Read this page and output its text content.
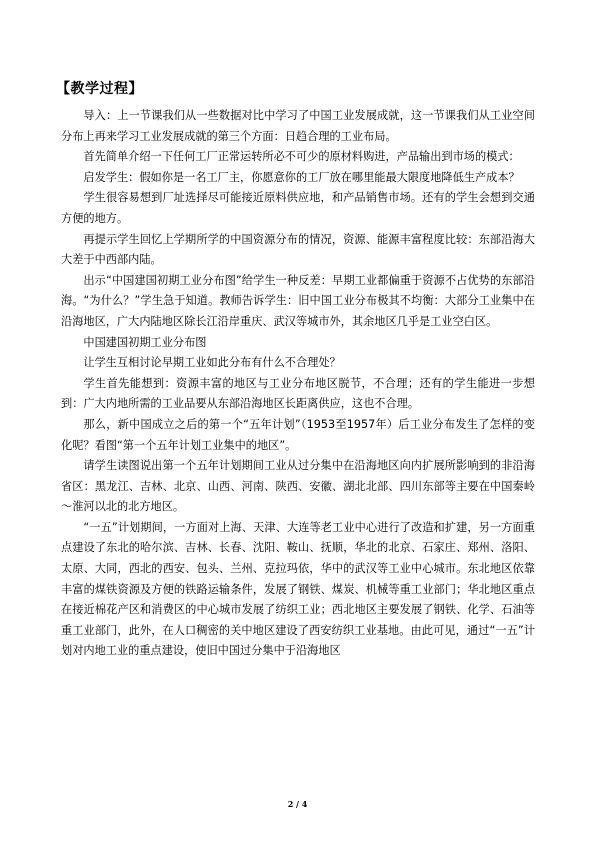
【教学过程】

导入：上一节课我们从一些数据对比中学习了中国工业发展成就，这一节课我们从工业空间分布上再来学习工业发展成就的第三个方面：日趋合理的工业布局。

首先简单介绍一下任何工厂正常运转所必不可少的原材料购进，产品输出到市场的模式：

启发学生：假如你是一名工厂主，你愿意你的工厂放在哪里能最大限度地降低生产成本？

学生很容易想到厂址选择尽可能接近原料供应地，和产品销售市场。还有的学生会想到交通方便的地方。

再提示学生回忆上学期所学的中国资源分布的情况，资源、能源丰富程度比较：东部沿海大大差于中西部内陆。

出示“中国建国初期工业分布图”给学生一种反差：早期工业都偏重于资源不占优势的东部沿海。“为什么？”学生急于知道。教师告诉学生：旧中国工业分布极其不均衡：大部分工业集中在沿海地区，广大内陆地区除长江沿岸重庆、武汉等城市外，其余地区几乎是工业空白区。

中国建国初期工业分布图

让学生互相讨论早期工业如此分布有什么不合理处？

学生首先能想到：资源丰富的地区与工业分布地区脱节，不合理；还有的学生能进一步想到：广大内地所需的工业品要从东部沿海地区长距离供应，这也不合理。

那么，新中国成立之后的第一个“五年计划”（1953至1957年）后工业分布发生了怎样的变化呢？看图“第一个五年计划工业集中的地区”。

请学生读图说出第一个五年计划期间工业从过分集中在沿海地区向内扩展所影响到的非沿海省区：黑龙江、吉林、北京、山西、河南、陕西、安徽、湖北北部、四川东部等主要在中国秦岭～淮河以北的北方地区。

“一五”计划期间，一方面对上海、天津、大连等老工业中心进行了改造和扩建，另一方面重点建设了东北的哈尔滨、吉林、长春、沈阳、鞍山、抚顺，华北的北京、石家庄、郑州、洛阳、太原、大同，西北的西安、包头、兰州、克拉玛依，华中的武汉等工业中心城市。东北地区依靠丰富的煤铁资源及方便的铁路运输条件，发展了钢铁、煤炭、机械等重工业部门；华北地区重点在接近棉花产区和消费区的中心城市发展了纺织工业；西北地区主要发展了钢铁、化学、石油等重工业部门，此外，在人口稠密的关中地区建设了西安纺织工业基地。由此可见，通过“一五”计划对内地工业的重点建设，使旧中国过分集中于沿海地区

2 / 4
